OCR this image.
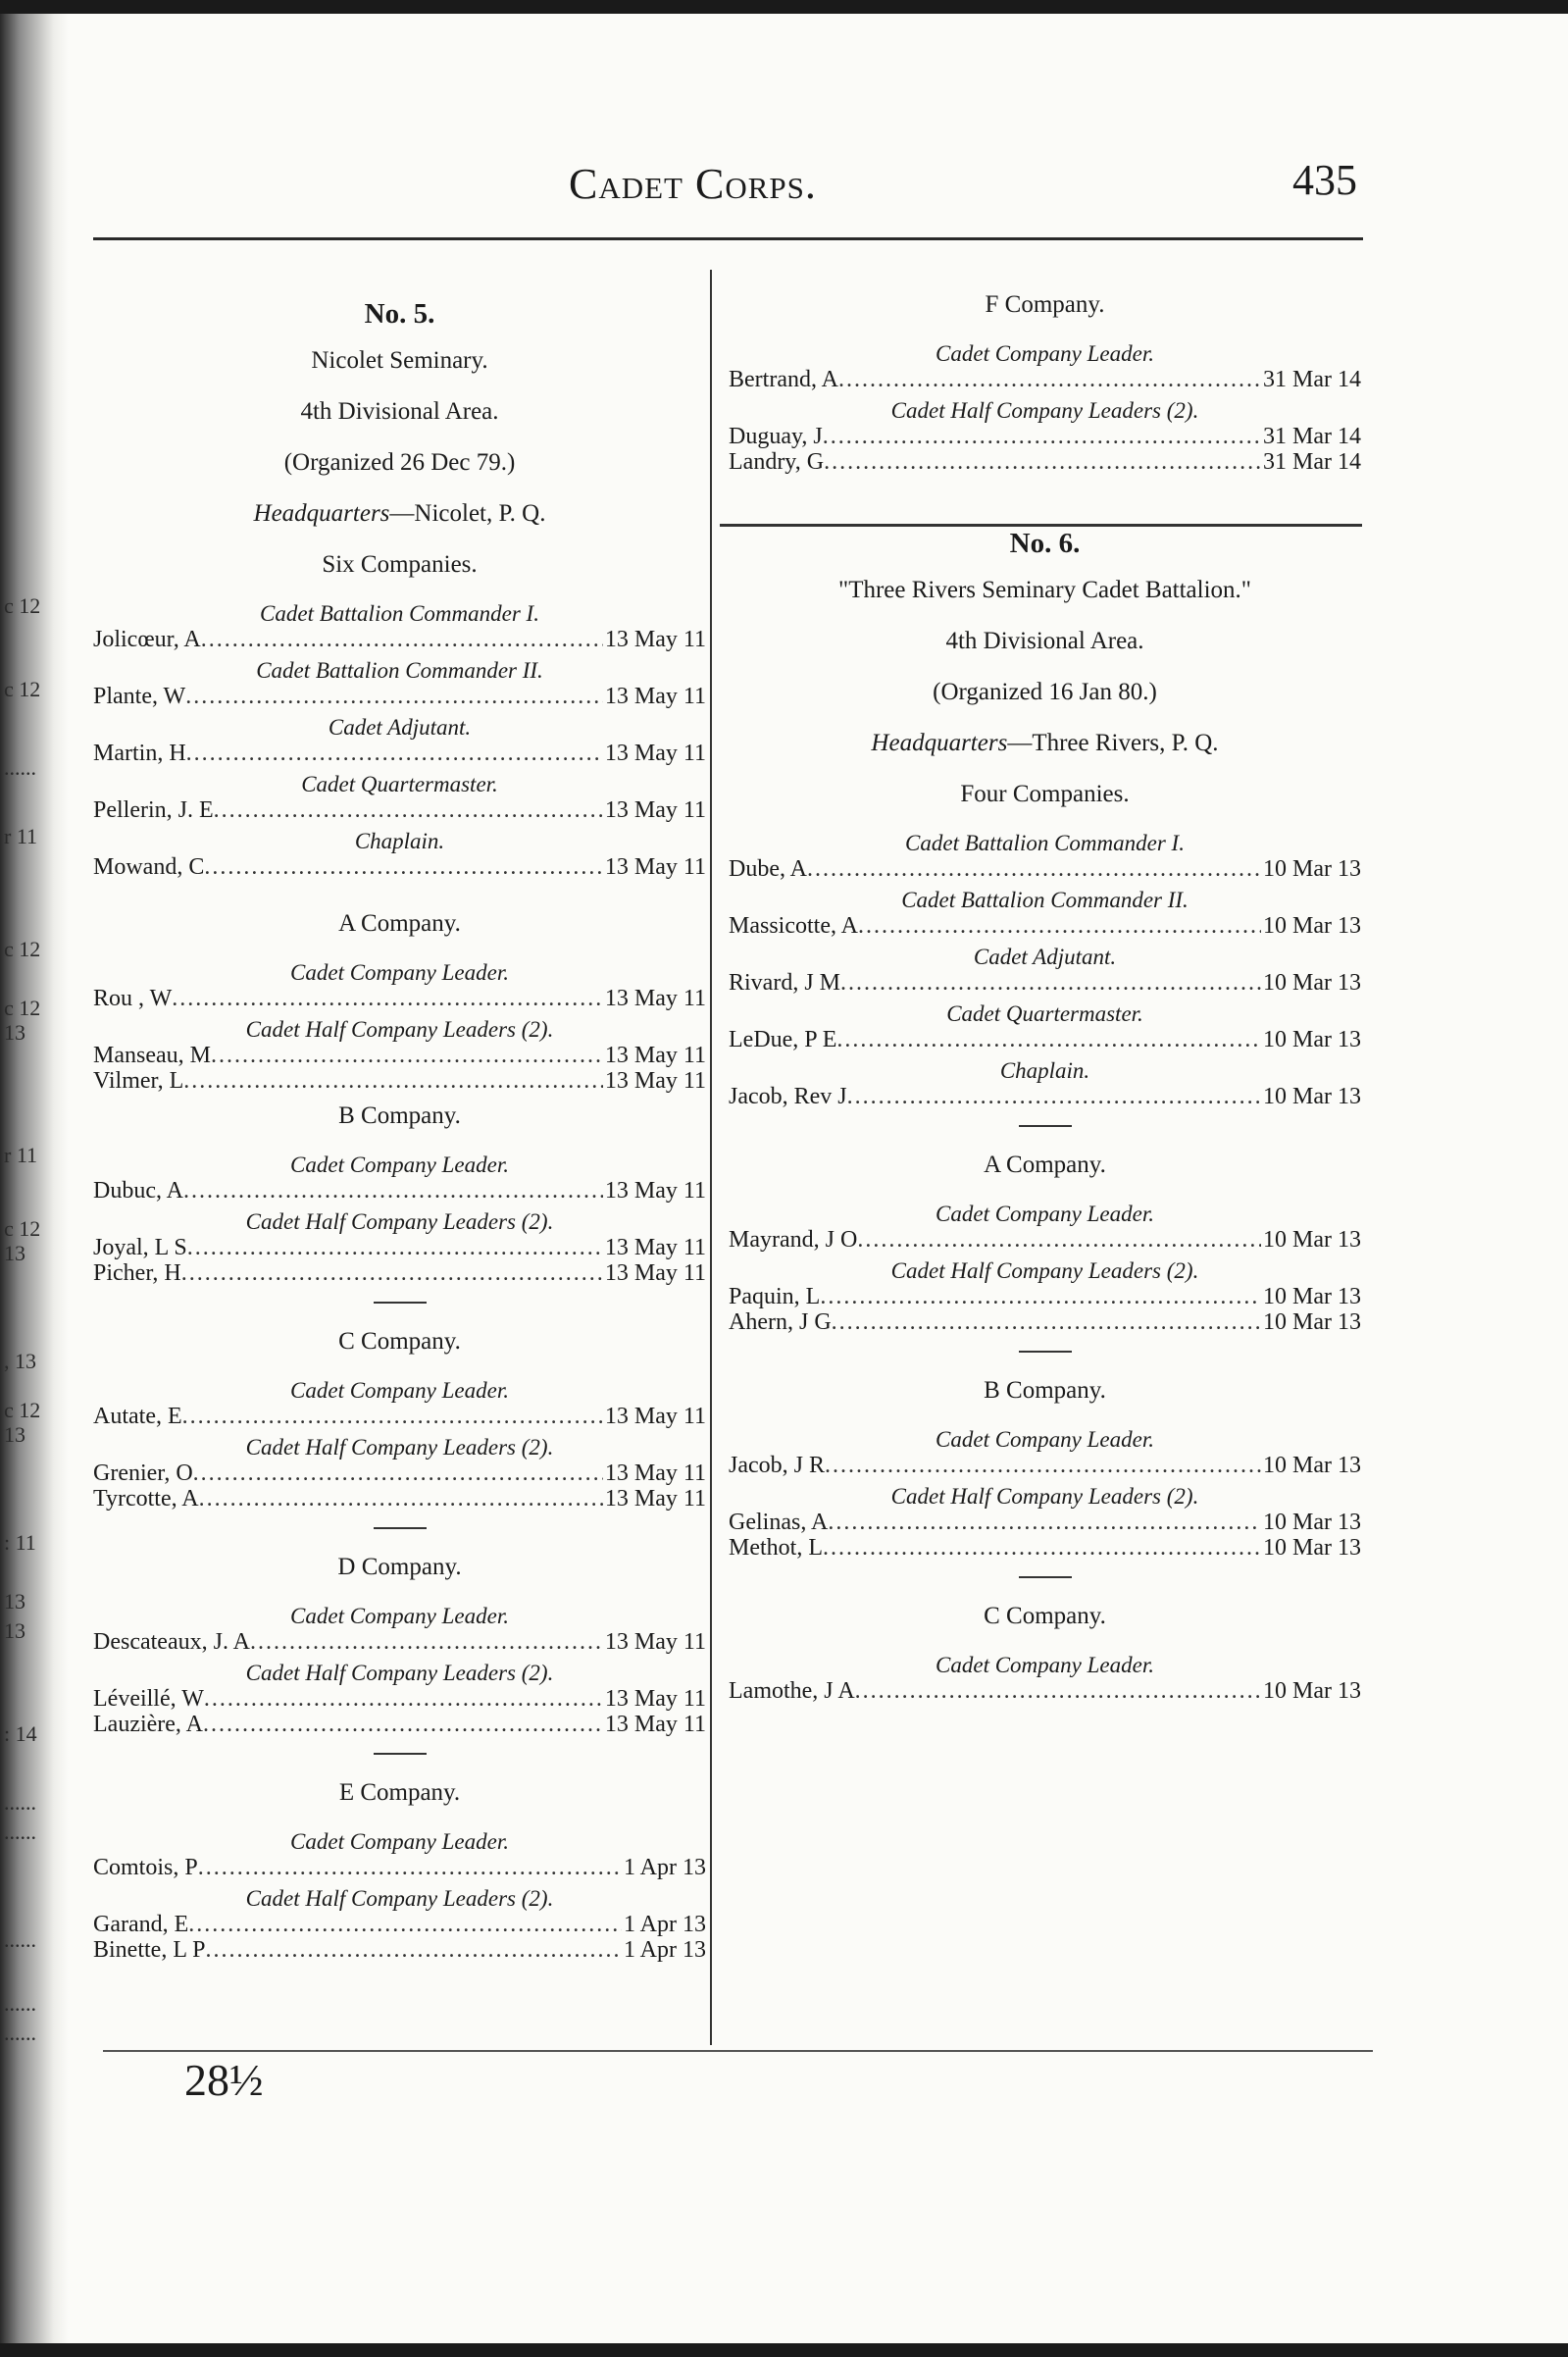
c 12
c 12
......
r 11
c 12
c 12
13
r 11
c 12
13
, 13
c 12
13
: 11
13
13
: 14
......
......
......
......
......
Cadet Corps.	435
28½
No. 5.
Nicolet Seminary.
4th Divisional Area.
(Organized 26 Dec 79.)
Headquarters—Nicolet, P. Q.
Six Companies.
Cadet Battalion Commander I.
Jolicœur, A .....	13 May 11
Cadet Battalion Commander II.
Plante, W .....	13 May 11
Cadet Adjutant.
Martin, H .....	13 May 11
Cadet Quartermaster.
Pellerin, J. E .....	13 May 11
Chaplain.
Mowand, C .....	13 May 11
A Company.
Cadet Company Leader.
Rou , W .....	13 May 11
Cadet Half Company Leaders (2).
Manseau, M .....	13 May 11
Vilmer, L .....	13 May 11
B Company.
Cadet Company Leader.
Dubuc, A .....	13 May 11
Cadet Half Company Leaders (2).
Joyal, L S .....	13 May 11
Picher, H .....	13 May 11
C Company.
Cadet Company Leader.
Autate, E .....	13 May 11
Cadet Half Company Leaders (2).
Grenier, O .....	13 May 11
Tyrcotte, A .....	13 May 11
D Company.
Cadet Company Leader.
Descateaux, J. A .....	13 May 11
Cadet Half Company Leaders (2).
Léveillé, W .....	13 May 11
Lauzière, A .....	13 May 11
E Company.
Cadet Company Leader.
Comtois, P .....	1 Apr 13
Cadet Half Company Leaders (2).
Garand, E .....	1 Apr 13
Binette, L P .....	1 Apr 13
F Company.
Cadet Company Leader.
Bertrand, A .....	31 Mar 14
Cadet Half Company Leaders (2).
Duguay, J .....	31 Mar 14
Landry, G .....	31 Mar 14
No. 6.
"Three Rivers Seminary Cadet Battalion."
4th Divisional Area.
(Organized 16 Jan 80.)
Headquarters—Three Rivers, P. Q.
Four Companies.
Cadet Battalion Commander I.
Dube, A .....	10 Mar 13
Cadet Battalion Commander II.
Massicotte, A .....	10 Mar 13
Cadet Adjutant.
Rivard, J M .....	10 Mar 13
Cadet Quartermaster.
LeDue, P E .....	10 Mar 13
Chaplain.
Jacob, Rev J .....	10 Mar 13
A Company.
Cadet Company Leader.
Mayrand, J O .....	10 Mar 13
Cadet Half Company Leaders (2).
Paquin, L .....	10 Mar 13
Ahern, J G .....	10 Mar 13
B Company.
Cadet Company Leader.
Jacob, J R .....	10 Mar 13
Cadet Half Company Leaders (2).
Gelinas, A .....	10 Mar 13
Methot, L .....	10 Mar 13
C Company.
Cadet Company Leader.
Lamothe, J A .....	10 Mar 13
